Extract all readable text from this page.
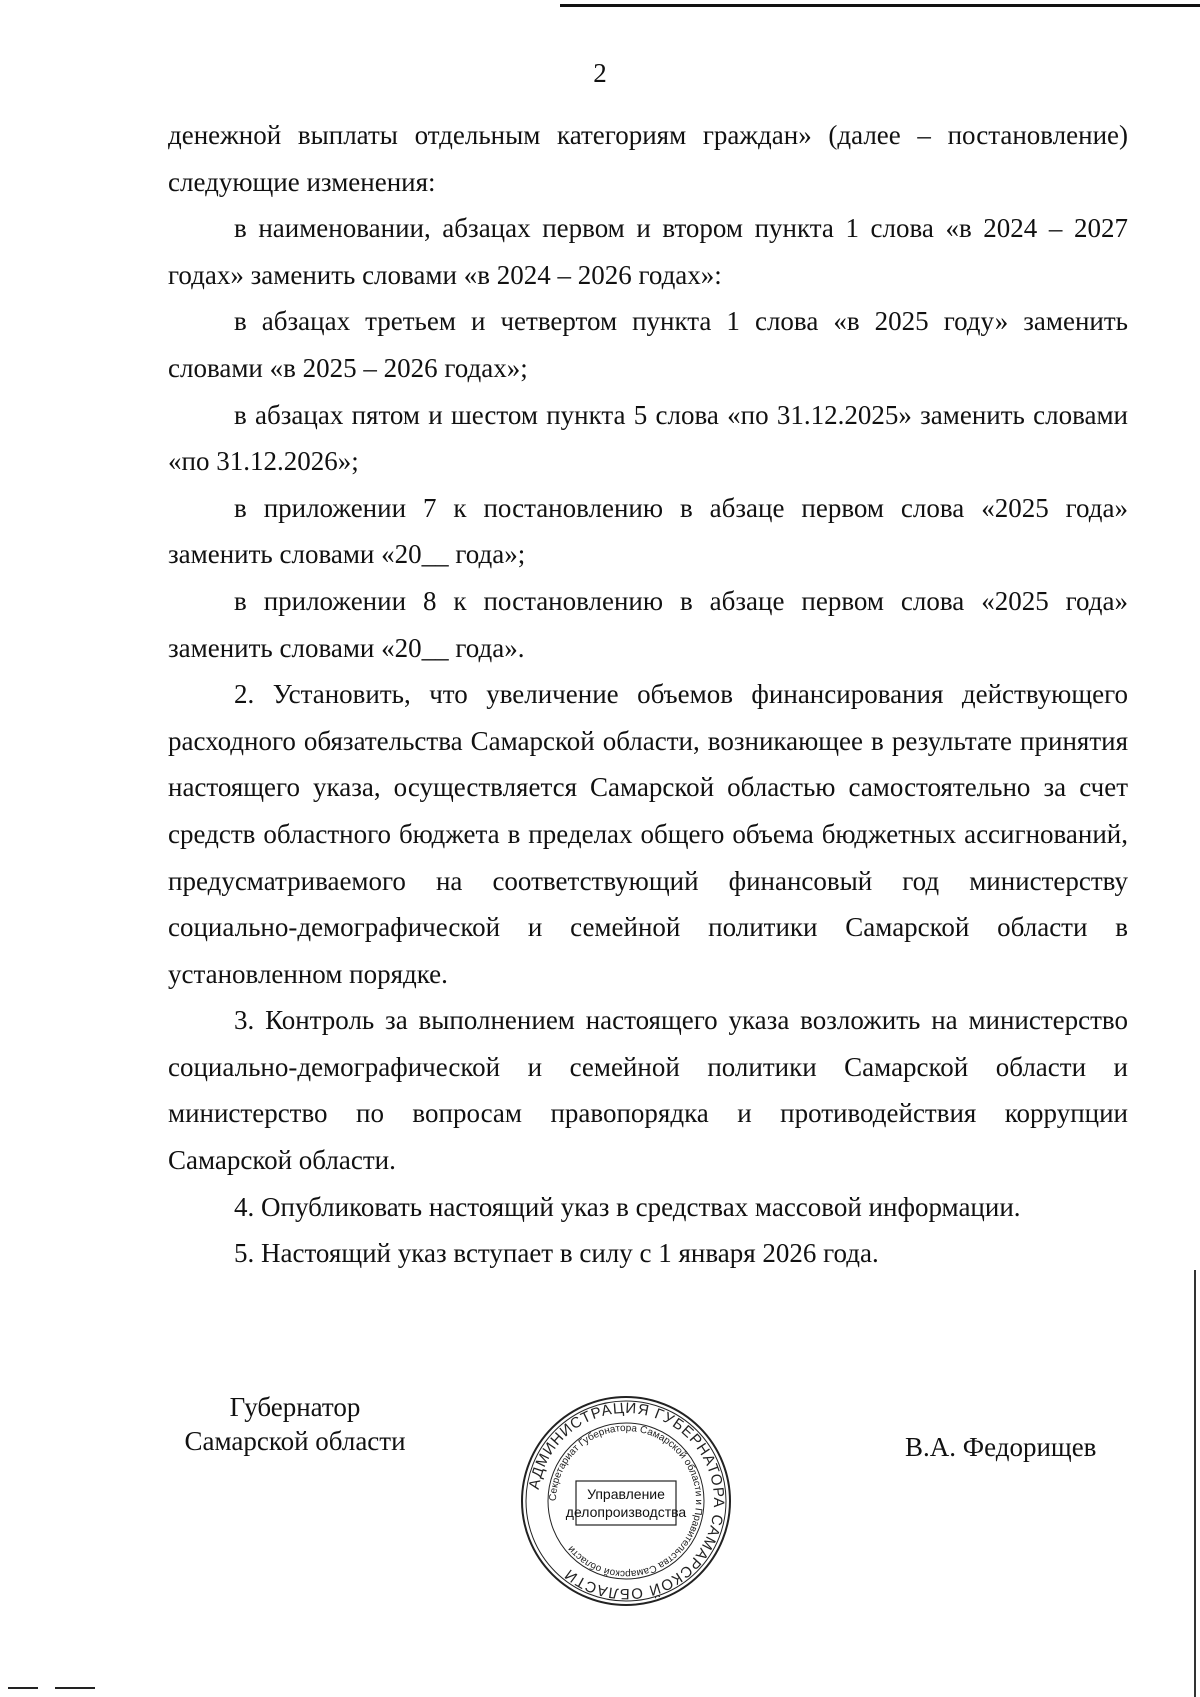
2

денежной выплаты отдельным категориям граждан» (далее – постановление) следующие изменения:

в наименовании, абзацах первом и втором пункта 1 слова «в 2024 – 2027 годах» заменить словами «в 2024 – 2026 годах»:

в абзацах третьем и четвертом пункта 1 слова «в 2025 году» заменить словами «в 2025 – 2026 годах»;

в абзацах пятом и шестом пункта 5 слова «по 31.12.2025» заменить словами «по 31.12.2026»;

в приложении 7 к постановлению в абзаце первом слова «2025 года» заменить словами «20__ года»;

в приложении 8 к постановлению в абзаце первом слова «2025 года» заменить словами «20__ года».

2. Установить, что увеличение объемов финансирования действующего расходного обязательства Самарской области, возникающее в результате принятия настоящего указа, осуществляется Самарской областью самостоятельно за счет средств областного бюджета в пределах общего объема бюджетных ассигнований, предусматриваемого на соответствующий финансовый год министерству социально-демографической и семейной политики Самарской области в установленном порядке.

3. Контроль за выполнением настоящего указа возложить на министерство социально-демографической и семейной политики Самарской области и министерство по вопросам правопорядка и противодействия коррупции Самарской области.

4. Опубликовать настоящий указ в средствах массовой информации.

5. Настоящий указ вступает в силу с 1 января 2026 года.

Губернатор
Самарской области
АДМИНИСТРАЦИЯ ГУБЕРНАТОРА САМАРСКОЙ ОБЛАСТИ
Секретариат Губернатора Самарской области и Правительства Самарской области
Управление
делопроизводства
В.А. Федорищев
